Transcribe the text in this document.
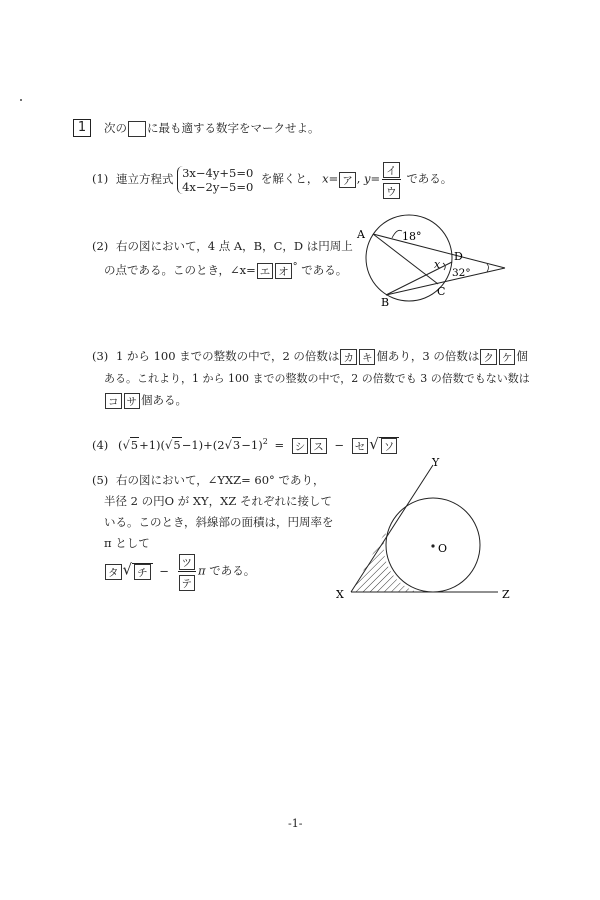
1	次の に最も適する数字をマークせよ。
(1) 連立方程式 3x−4y+5=0
4x−2y−5=0
を解くと， x= ア , $y= \frac{\text{イ}}{\text{ウ}}$ である。
(2) 右の図において，4 点 A，B，C，D は円周上
の点である。このとき，∠x= エ オ ° である。
A
B
C
D
18°
32°
x
(3) 1 から 100 までの整数の中で，2 の倍数は カ キ 個あり，3 の倍数は ク ケ 個
ある。これより，1 から 100 までの整数の中で，2 の倍数でも 3 の倍数でもない数は
コ サ 個ある。
(4) $(√5+1)(√5-1)+(2√3-1)^2$ = シ ス − セ √ ソ
(5) 右の図において，∠YXZ= 60° であり，
半径 2 の円O が XY，XZ それぞれに接して
いる。このとき，斜線部の面積は，円周率を
π として
タ √ チ − $\frac{\text{ツ}}{\text{テ}}$ π である。
O
X
Y
Z
-1-
